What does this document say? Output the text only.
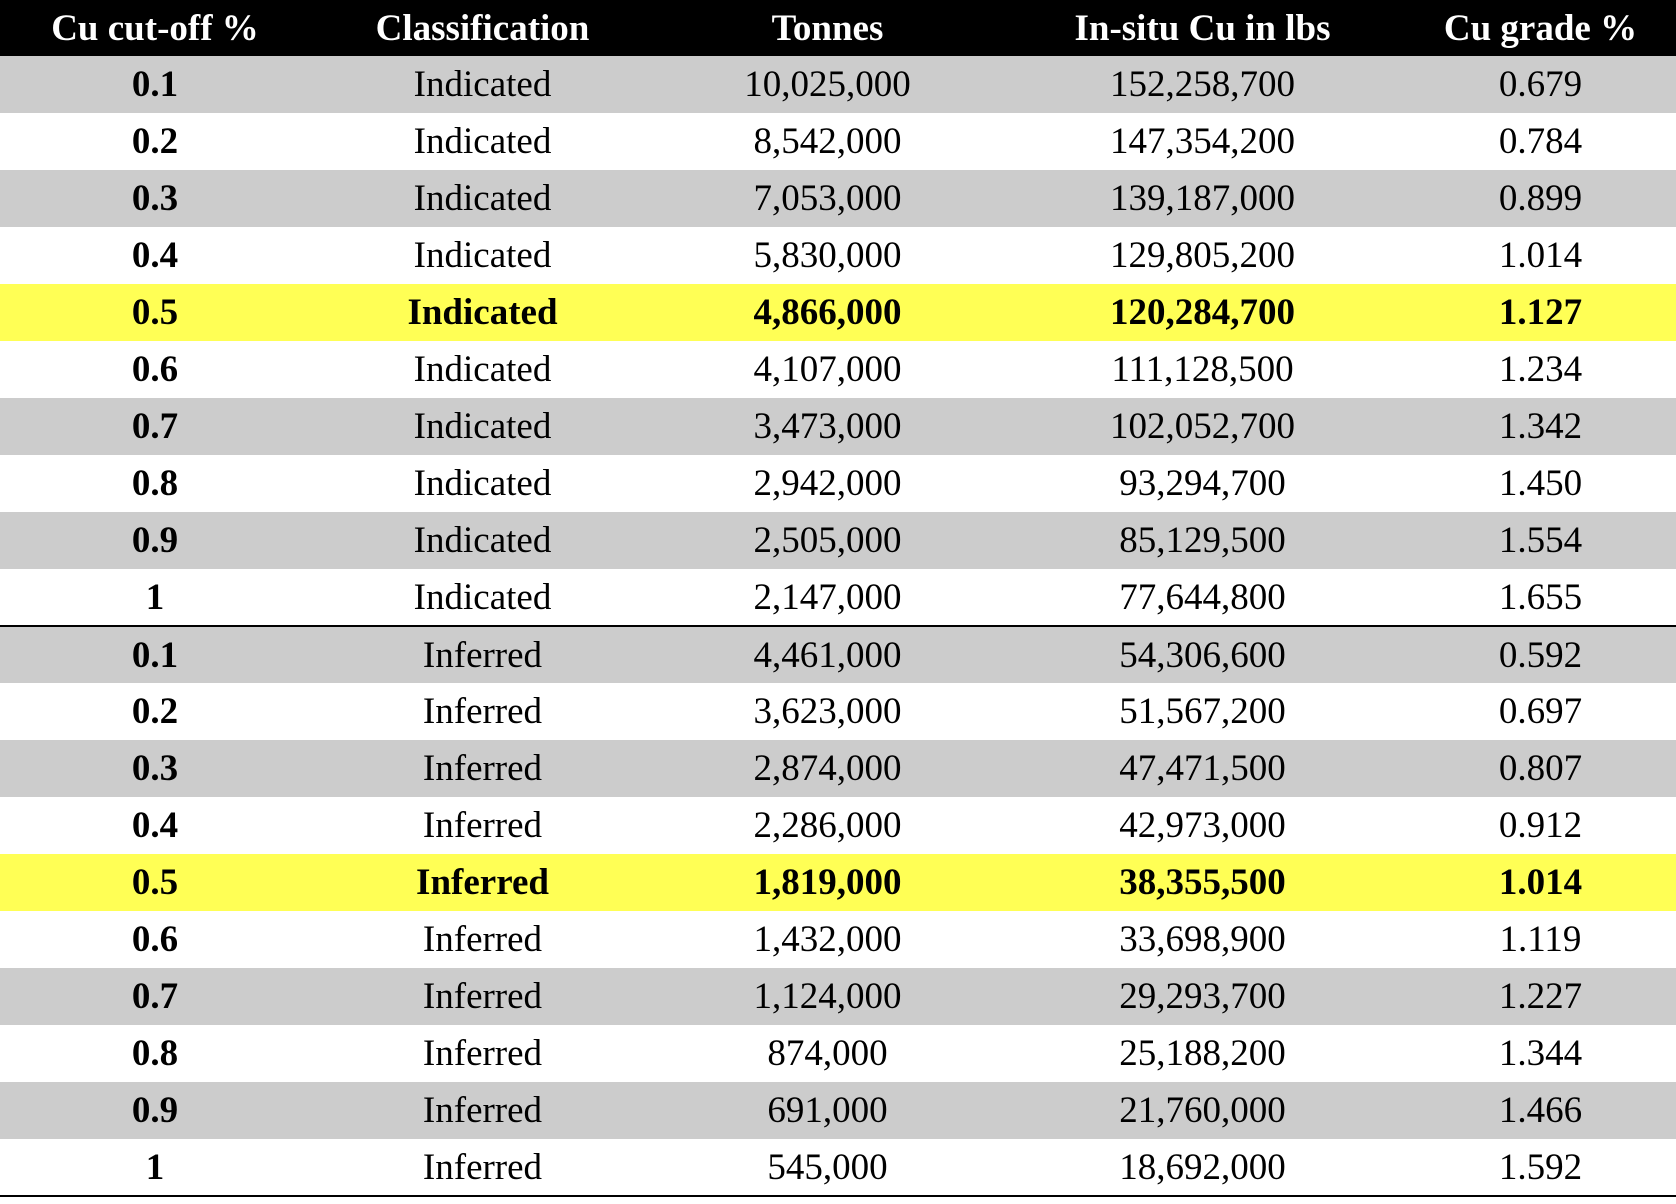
Cu cut-off %	Classification	Tonnes	In-situ Cu in lbs	Cu grade %
0.1	Indicated	10,025,000	152,258,700	0.679
0.2	Indicated	8,542,000	147,354,200	0.784
0.3	Indicated	7,053,000	139,187,000	0.899
0.4	Indicated	5,830,000	129,805,200	1.014
0.5	Indicated	4,866,000	120,284,700	1.127
0.6	Indicated	4,107,000	111,128,500	1.234
0.7	Indicated	3,473,000	102,052,700	1.342
0.8	Indicated	2,942,000	93,294,700	1.450
0.9	Indicated	2,505,000	85,129,500	1.554
1	Indicated	2,147,000	77,644,800	1.655
0.1	Inferred	4,461,000	54,306,600	0.592
0.2	Inferred	3,623,000	51,567,200	0.697
0.3	Inferred	2,874,000	47,471,500	0.807
0.4	Inferred	2,286,000	42,973,000	0.912
0.5	Inferred	1,819,000	38,355,500	1.014
0.6	Inferred	1,432,000	33,698,900	1.119
0.7	Inferred	1,124,000	29,293,700	1.227
0.8	Inferred	874,000	25,188,200	1.344
0.9	Inferred	691,000	21,760,000	1.466
1	Inferred	545,000	18,692,000	1.592
